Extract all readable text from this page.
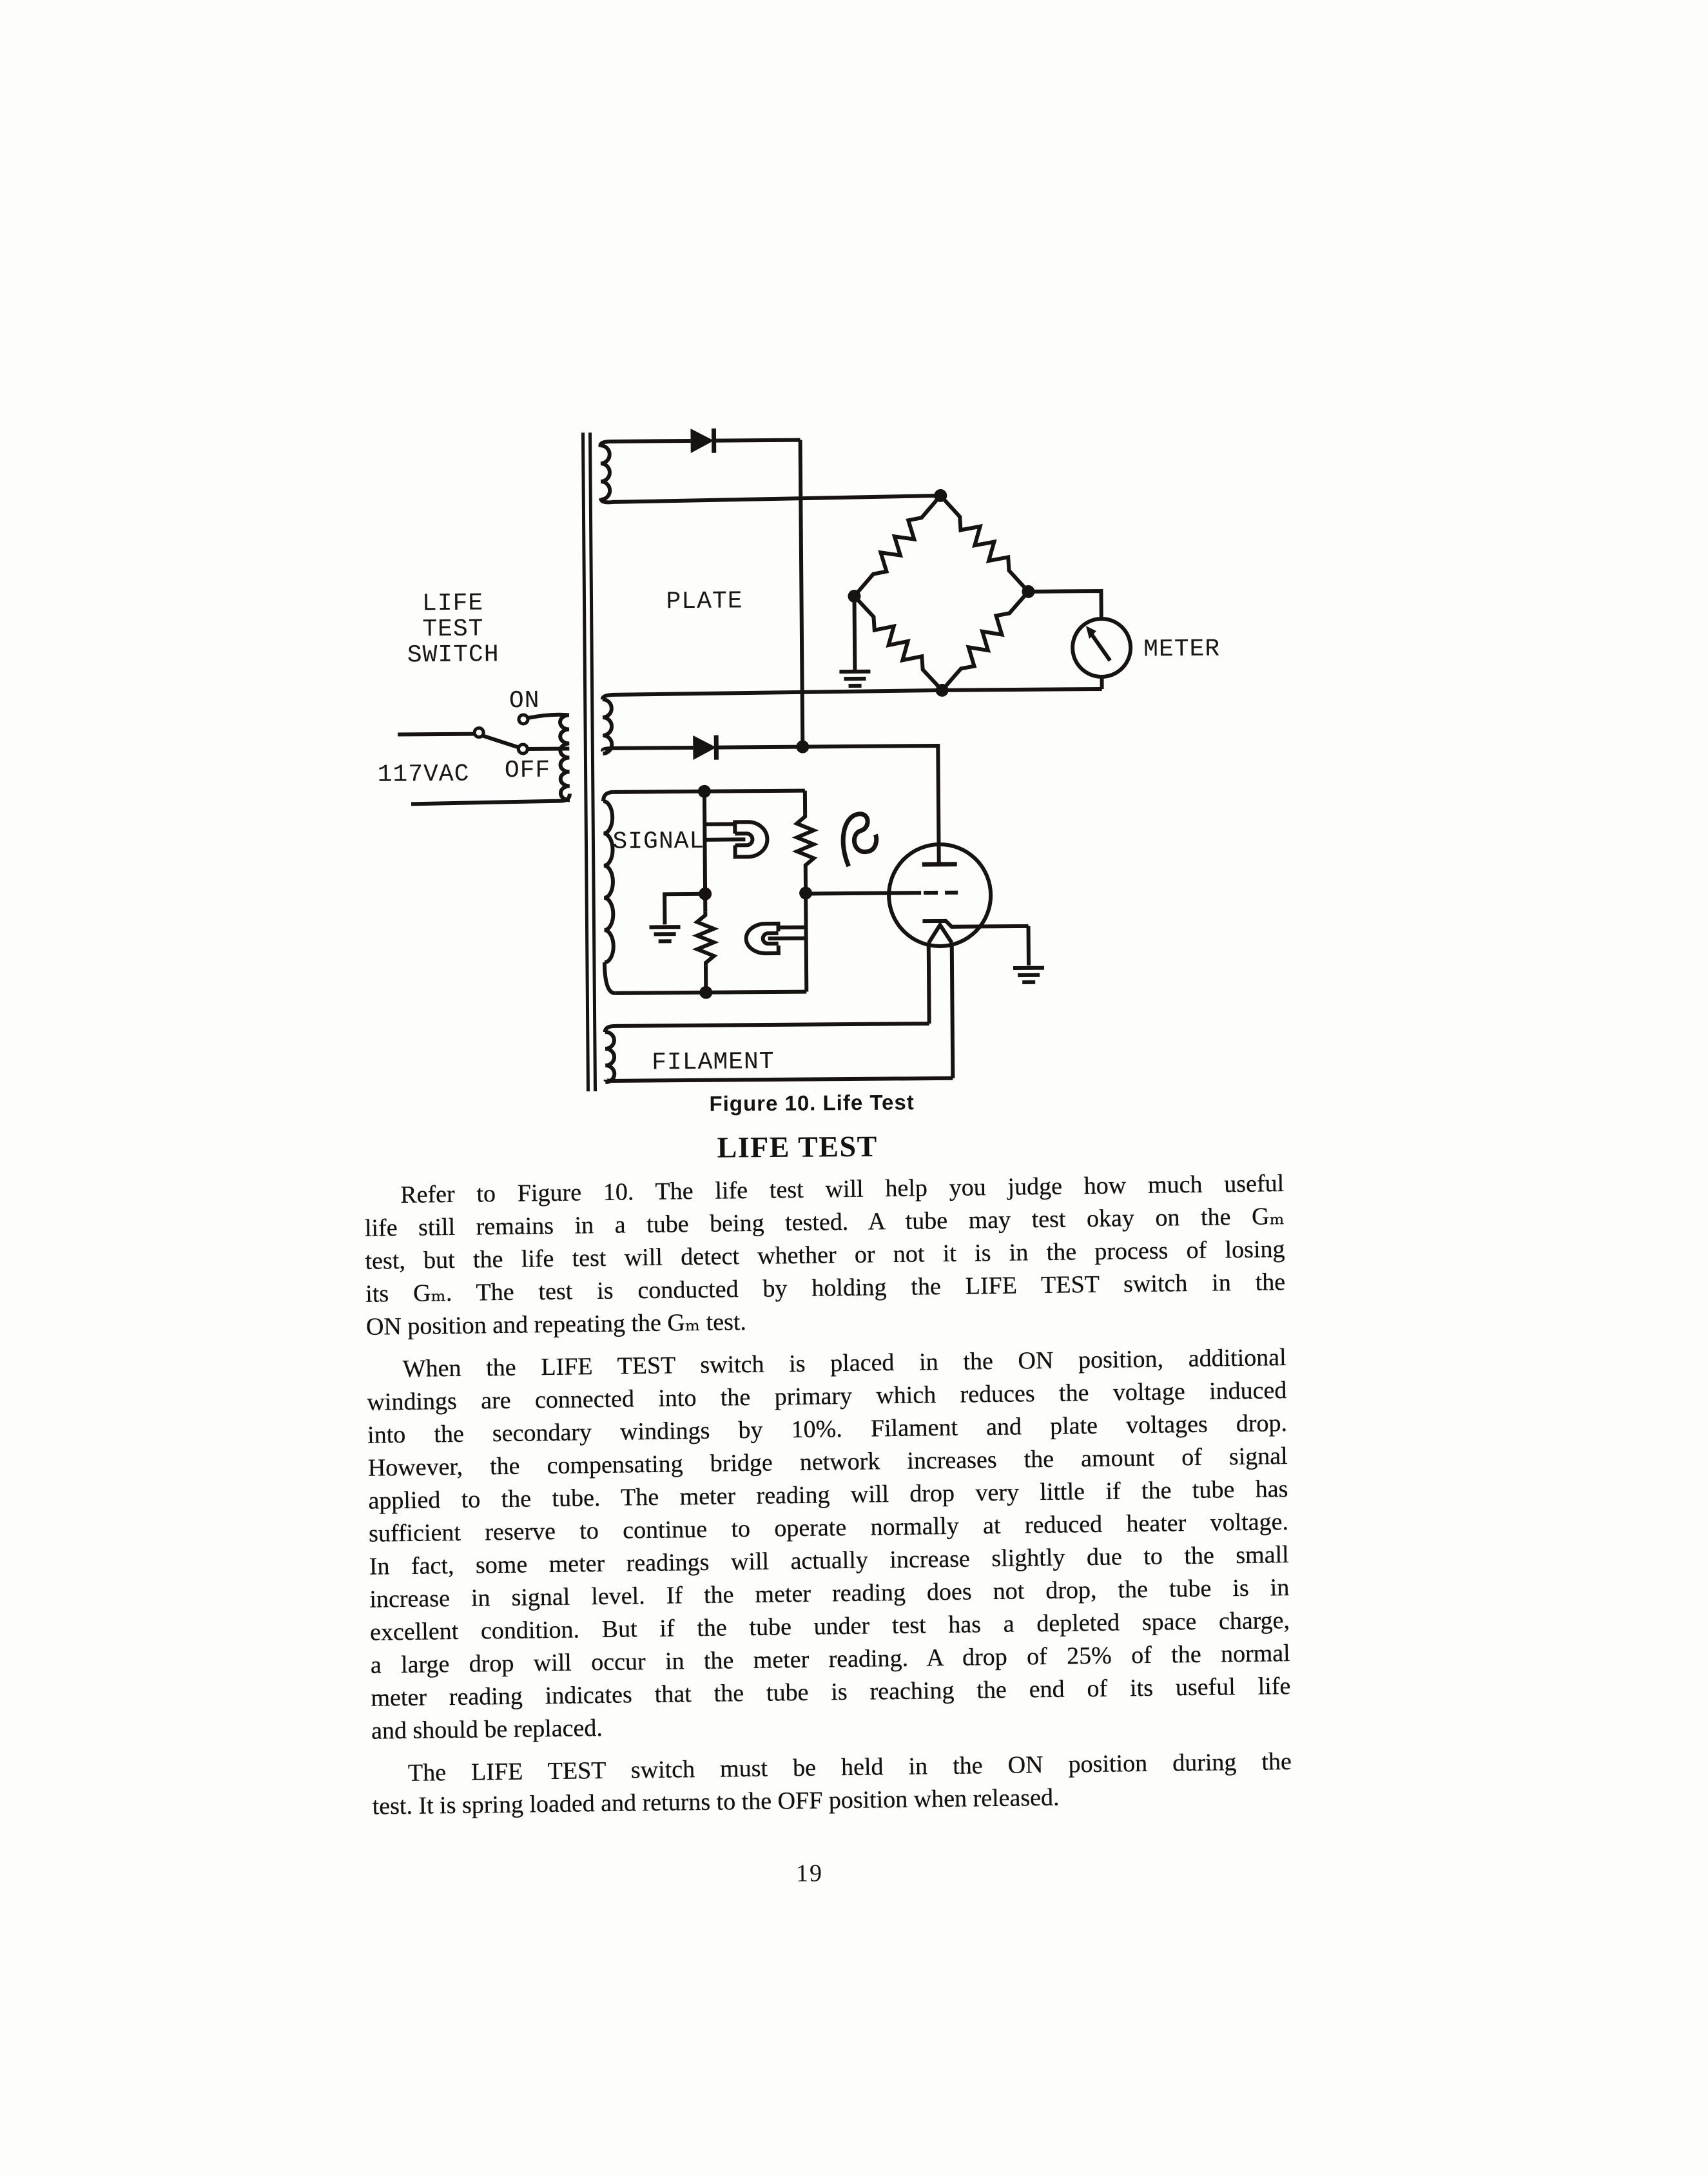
METER
PLATE
SIGNAL
FILAMENT
LIFE
TEST
SWITCH
ON
OFF
117VAC
Figure 10. Life Test
LIFE TEST
Refer to Figure 10. The life test will help you judge how much useful
life still remains in a tube being tested. A tube may test okay on the Gₘ
test, but the life test will detect whether or not it is in the process of losing
its Gₘ. The test is conducted by holding the LIFE TEST switch in the
ON position and repeating the Gₘ test.
When the LIFE TEST switch is placed in the ON position, additional
windings are connected into the primary which reduces the voltage induced
into the secondary windings by 10%. Filament and plate voltages drop.
However, the compensating bridge network increases the amount of signal
applied to the tube. The meter reading will drop very little if the tube has
sufficient reserve to continue to operate normally at reduced heater voltage.
In fact, some meter readings will actually increase slightly due to the small
increase in signal level. If the meter reading does not drop, the tube is in
excellent condition. But if the tube under test has a depleted space charge,
a large drop will occur in the meter reading. A drop of 25% of the normal
meter reading indicates that the tube is reaching the end of its useful life
and should be replaced.
The LIFE TEST switch must be held in the ON position during the
test. It is spring loaded and returns to the OFF position when released.
19
